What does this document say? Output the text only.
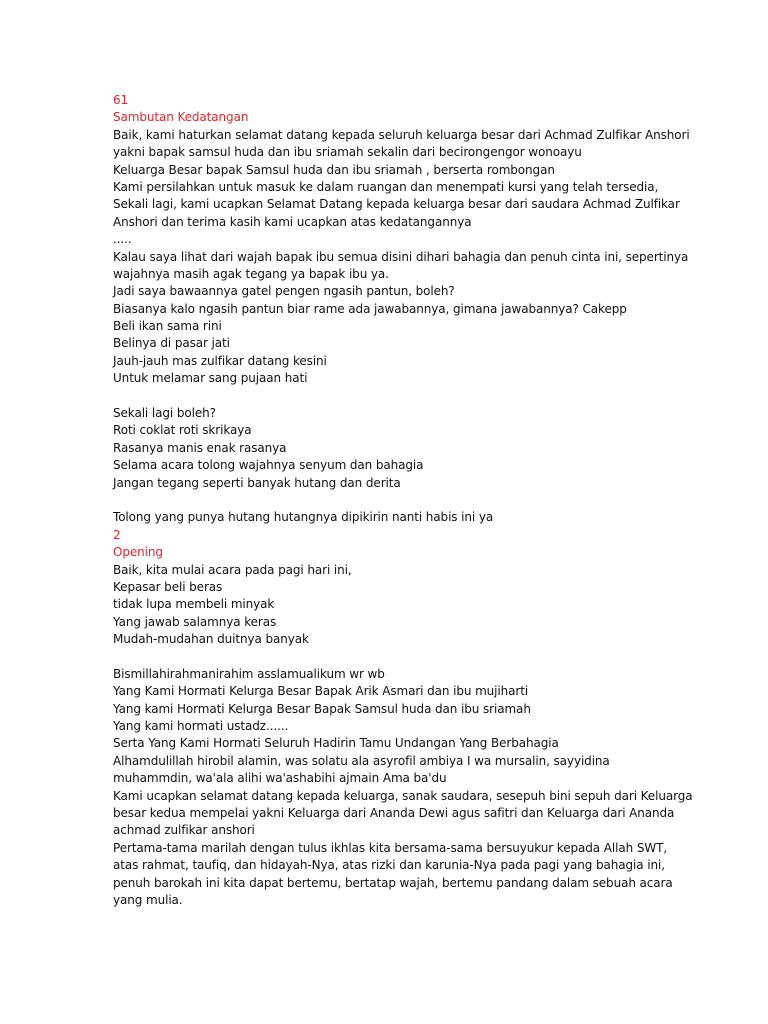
61
Sambutan Kedatangan
Baik, kami haturkan selamat datang kepada seluruh keluarga besar dari Achmad Zulfikar Anshori
yakni bapak samsul huda dan ibu sriamah sekalin dari becirongengor wonoayu
Keluarga Besar bapak Samsul huda dan ibu sriamah , berserta rombongan
Kami persilahkan untuk masuk ke dalam ruangan dan menempati kursi yang telah tersedia,
Sekali lagi, kami ucapkan Selamat Datang kepada keluarga besar dari saudara Achmad Zulfikar
Anshori dan terima kasih kami ucapkan atas kedatangannya
.....
Kalau saya lihat dari wajah bapak ibu semua disini dihari bahagia dan penuh cinta ini, sepertinya
wajahnya masih agak tegang ya bapak ibu ya.
Jadi saya bawaannya gatel pengen ngasih pantun, boleh?
Biasanya kalo ngasih pantun biar rame ada jawabannya, gimana jawabannya? Cakepp
Beli ikan sama rini
Belinya di pasar jati
Jauh-jauh mas zulfikar datang kesini
Untuk melamar sang pujaan hati
Sekali lagi boleh?
Roti coklat roti skrikaya
Rasanya manis enak rasanya
Selama acara tolong wajahnya senyum dan bahagia
Jangan tegang seperti banyak hutang dan derita
Tolong yang punya hutang hutangnya dipikirin nanti habis ini ya
2
Opening
Baik, kita mulai acara pada pagi hari ini,
Kepasar beli beras
tidak lupa membeli minyak
Yang jawab salamnya keras
Mudah-mudahan duitnya banyak
Bismillahirahmanirahim asslamualikum wr wb
Yang Kami Hormati Kelurga Besar Bapak Arik Asmari dan ibu mujiharti
Yang kami Hormati Kelurga Besar Bapak Samsul huda dan ibu sriamah
Yang kami hormati ustadz......
Serta Yang Kami Hormati Seluruh Hadirin Tamu Undangan Yang Berbahagia
Alhamdulillah hirobil alamin, was solatu ala asyrofil ambiya I wa mursalin, sayyidina
muhammdin, wa'ala alihi wa'ashabihi ajmain Ama ba'du
Kami ucapkan selamat datang kepada keluarga, sanak saudara, sesepuh bini sepuh dari Keluarga
besar kedua mempelai yakni Keluarga dari Ananda Dewi agus safitri dan Keluarga dari Ananda
achmad zulfikar anshori
Pertama-tama marilah dengan tulus ikhlas kita bersama-sama bersuyukur kepada Allah SWT,
atas rahmat, taufiq, dan hidayah-Nya, atas rizki dan karunia-Nya pada pagi yang bahagia ini,
penuh barokah ini kita dapat bertemu, bertatap wajah, bertemu pandang dalam sebuah acara
yang mulia.
